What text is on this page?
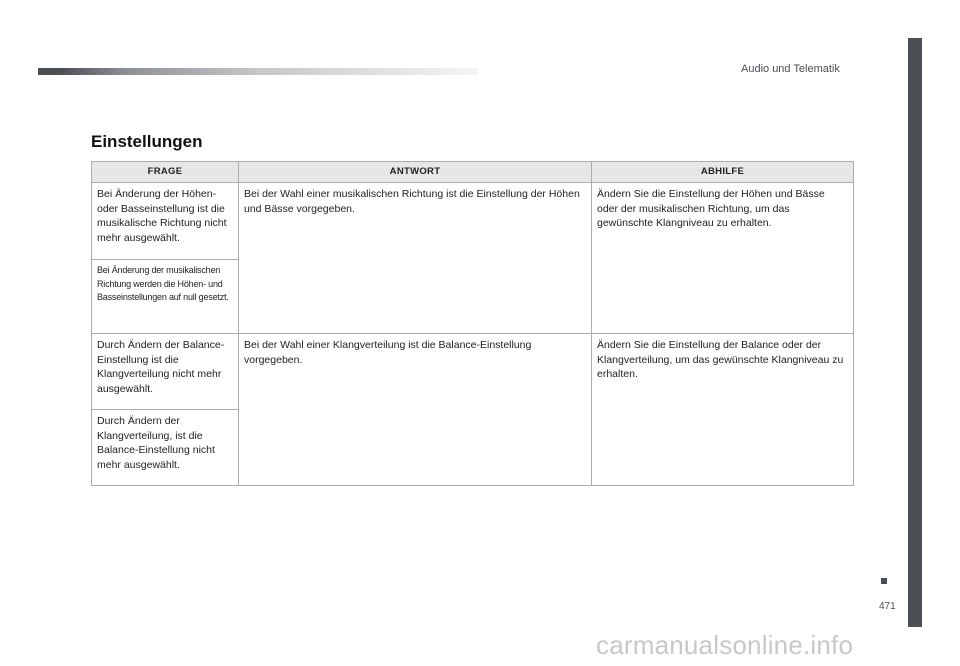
Audio und Telematik
Einstellungen
FRAGE	ANTWORT	ABHILFE
Bei Änderung der Höhen- oder Basseinstellung ist die musikalische Richtung nicht mehr ausgewählt.	Bei der Wahl einer musikalischen Richtung ist die Einstellung der Höhen und Bässe vorgegeben.	Ändern Sie die Einstellung der Höhen und Bässe oder der musikalischen Richtung, um das gewünschte Klangniveau zu erhalten.
Bei Änderung der musikalischen Richtung werden die Höhen- und Basseinstellungen auf null gesetzt.		
Durch Ändern der Balance-Einstellung ist die Klangverteilung nicht mehr ausgewählt.	Bei der Wahl einer Klangverteilung ist die Balance-Einstellung vorgegeben.	Ändern Sie die Einstellung der Balance oder der Klangverteilung, um das gewünschte Klangniveau zu erhalten.
Durch Ändern der Klangverteilung, ist die Balance-Einstellung nicht mehr ausgewählt.		
471
carmanualsonline.info
